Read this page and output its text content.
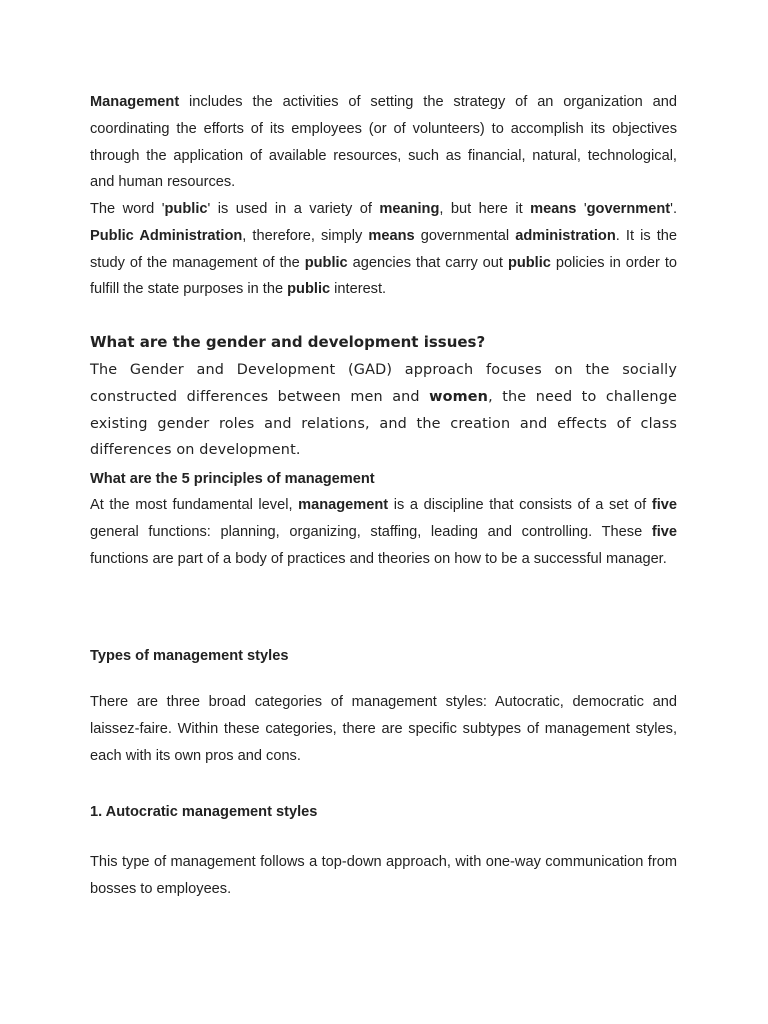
Management includes the activities of setting the strategy of an organization and coordinating the efforts of its employees (or of volunteers) to accomplish its objectives through the application of available resources, such as financial, natural, technological, and human resources.

The word 'public' is used in a variety of meaning, but here it means 'government'. Public Administration, therefore, simply means governmental administration. It is the study of the management of the public agencies that carry out public policies in order to fulfill the state purposes in the public interest.

What are the gender and development issues?

The Gender and Development (GAD) approach focuses on the socially constructed differences between men and women, the need to challenge existing gender roles and relations, and the creation and effects of class differences on development.

What are the 5 principles of management

At the most fundamental level, management is a discipline that consists of a set of five general functions: planning, organizing, staffing, leading and controlling. These five functions are part of a body of practices and theories on how to be a successful manager.

Types of management styles

There are three broad categories of management styles: Autocratic, democratic and laissez-faire. Within these categories, there are specific subtypes of management styles, each with its own pros and cons.

1. Autocratic management styles

This type of management follows a top-down approach, with one-way communication from bosses to employees.
